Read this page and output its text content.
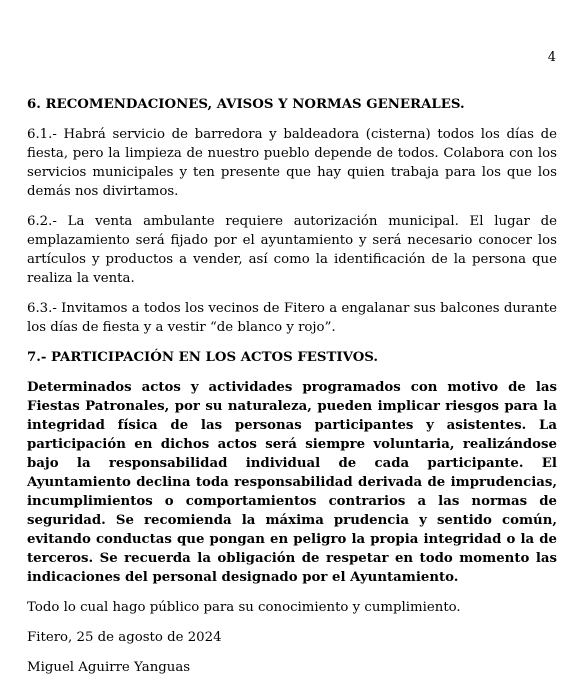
4
6. RECOMENDACIONES, AVISOS Y NORMAS GENERALES.
6.1.- Habrá servicio de barredora y baldeadora (cisterna) todos los días de fiesta, pero la limpieza de nuestro pueblo depende de todos. Colabora con los servicios municipales y ten presente que hay quien trabaja para los que los demás nos divirtamos.
6.2.- La venta ambulante requiere autorización municipal. El lugar de emplazamiento será fijado por el ayuntamiento y será necesario conocer los artículos y productos a vender, así como la identificación de la persona que realiza la venta.
6.3.- Invitamos a todos los vecinos de Fitero a engalanar sus balcones durante los días de fiesta y a vestir “de blanco y rojo”.
7.- PARTICIPACIÓN EN LOS ACTOS FESTIVOS.
Determinados actos y actividades programados con motivo de las Fiestas Patronales, por su naturaleza, pueden implicar riesgos para la integridad física de las personas participantes y asistentes. La participación en dichos actos será siempre voluntaria, realizándose bajo la responsabilidad individual de cada participante. El Ayuntamiento declina toda responsabilidad derivada de imprudencias, incumplimientos o comportamientos contrarios a las normas de seguridad. Se recomienda la máxima prudencia y sentido común, evitando conductas que pongan en peligro la propia integridad o la de terceros. Se recuerda la obligación de respetar en todo momento las indicaciones del personal designado por el Ayuntamiento.
Todo lo cual hago público para su conocimiento y cumplimiento.
Fitero, 25 de agosto de 2024
Miguel Aguirre Yanguas
